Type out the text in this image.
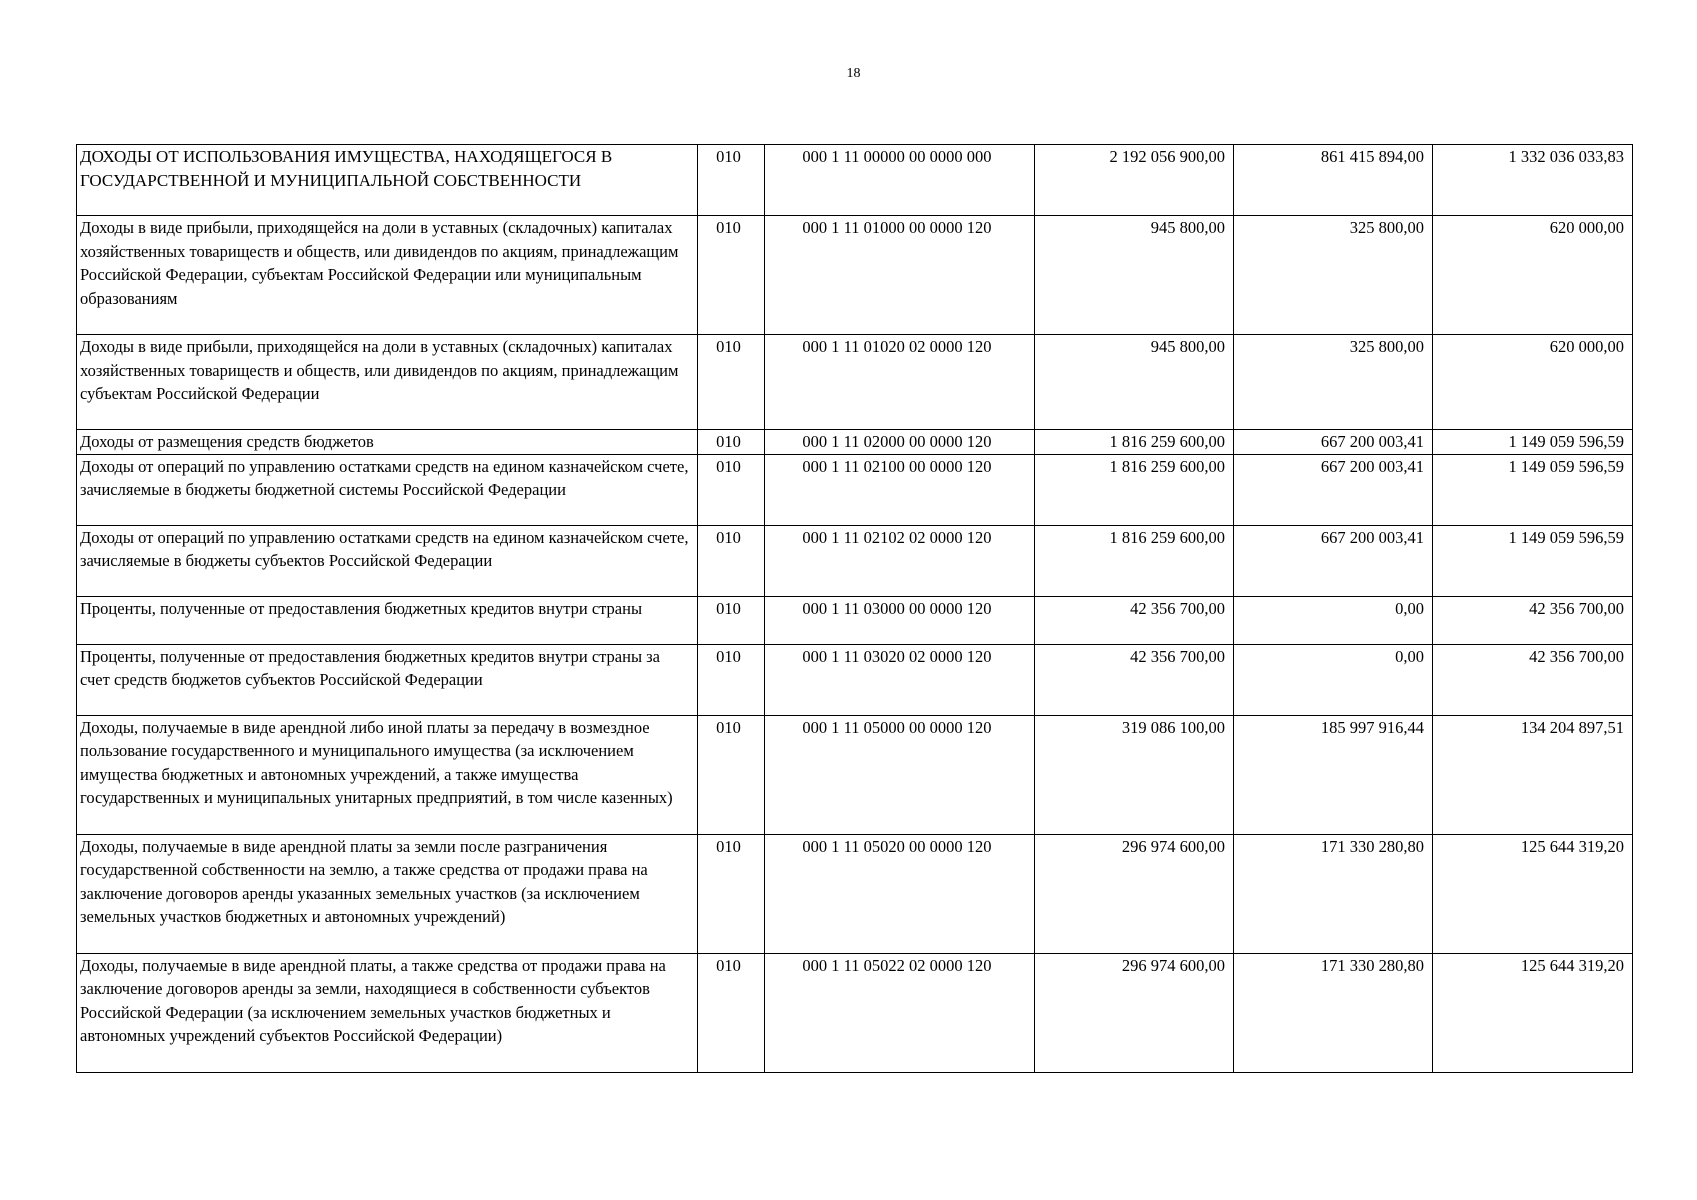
18
ДОХОДЫ ОТ ИСПОЛЬЗОВАНИЯ ИМУЩЕСТВА, НАХОДЯЩЕГОСЯ В ГОСУДАРСТВЕННОЙ И МУНИЦИПАЛЬНОЙ СОБСТВЕННОСТИ	010	000 1 11 00000 00 0000 000	2 192 056 900,00	861 415 894,00	1 332 036 033,83
Доходы в виде прибыли, приходящейся на доли в уставных (складочных) капиталах хозяйственных товариществ и обществ, или дивидендов по акциям, принадлежащим Российской Федерации, субъектам Российской Федерации или муниципальным образованиям	010	000 1 11 01000 00 0000 120	945 800,00	325 800,00	620 000,00
Доходы в виде прибыли, приходящейся на доли в уставных (складочных) капиталах хозяйственных товариществ и обществ, или дивидендов по акциям, принадлежащим субъектам Российской Федерации	010	000 1 11 01020 02 0000 120	945 800,00	325 800,00	620 000,00
Доходы от размещения средств бюджетов	010	000 1 11 02000 00 0000 120	1 816 259 600,00	667 200 003,41	1 149 059 596,59
Доходы от операций по управлению остатками средств на едином казначейском счете, зачисляемые в бюджеты бюджетной системы Российской Федерации	010	000 1 11 02100 00 0000 120	1 816 259 600,00	667 200 003,41	1 149 059 596,59
Доходы от операций по управлению остатками средств на едином казначейском счете, зачисляемые в бюджеты субъектов Российской Федерации	010	000 1 11 02102 02 0000 120	1 816 259 600,00	667 200 003,41	1 149 059 596,59
Проценты, полученные от предоставления бюджетных кредитов внутри страны	010	000 1 11 03000 00 0000 120	42 356 700,00	0,00	42 356 700,00
Проценты, полученные от предоставления бюджетных кредитов внутри страны за счет средств бюджетов субъектов Российской Федерации	010	000 1 11 03020 02 0000 120	42 356 700,00	0,00	42 356 700,00
Доходы, получаемые в виде арендной либо иной платы за передачу в возмездное пользование государственного и муниципального имущества (за исключением имущества бюджетных и автономных учреждений, а также имущества государственных и муниципальных унитарных предприятий, в том числе казенных)	010	000 1 11 05000 00 0000 120	319 086 100,00	185 997 916,44	134 204 897,51
Доходы, получаемые в виде арендной платы за земли после разграничения государственной собственности на землю, а также средства от продажи права на заключение договоров аренды указанных земельных участков (за исключением земельных участков бюджетных и автономных учреждений)	010	000 1 11 05020 00 0000 120	296 974 600,00	171 330 280,80	125 644 319,20
Доходы, получаемые в виде арендной платы, а также средства от продажи права на заключение договоров аренды за земли, находящиеся в собственности субъектов Российской Федерации (за исключением земельных участков бюджетных и автономных учреждений субъектов Российской Федерации)	010	000 1 11 05022 02 0000 120	296 974 600,00	171 330 280,80	125 644 319,20
